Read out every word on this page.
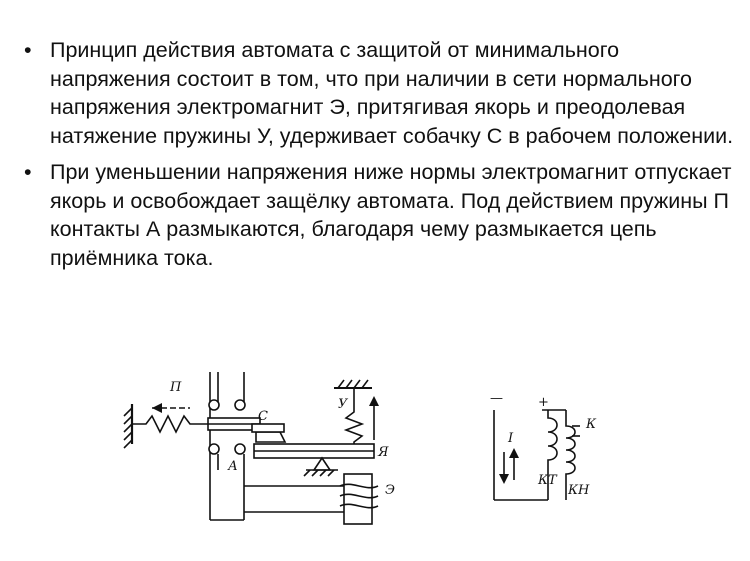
• Принцип действия автомата с защитой от минимального напряжения состоит в том, что при наличии в сети нормального напряжения электромагнит Э, притягивая якорь и преодолевая натяжение пружины У, удерживает собачку С в рабочем положении.
• При уменьшении напряжения ниже нормы электромагнит отпускает якорь и освобождает защёлку автомата. Под действием пружины П контакты А размыкаются, благодаря чему размыкается цепь приёмника тока.
П
А
С
У
Я
Э
—	+
I
КТ
КН
К
